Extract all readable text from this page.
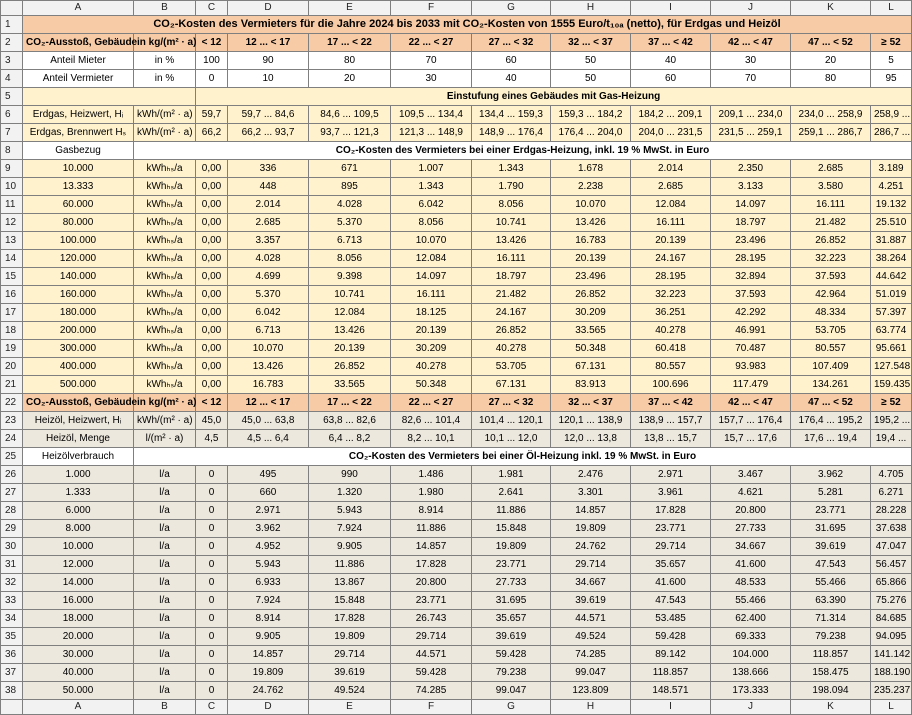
	A	B	C	D	E	F	G	H	I	J	K	L
1	CO₂-Kosten des Vermieters für die Jahre 2024 bis 2033 mit CO₂-Kosten von 1555 Euro/t₁₀ₐ (netto), für Erdgas und Heizöl											
2	CO₂-Ausstoß, Gebäude	in kg/(m² · a)	< 12	12 ... < 17	17 ... < 22	22 ... < 27	27 ... < 32	32 ... < 37	37 ... < 42	42 ... < 47	47 ... < 52	≥ 52
3	Anteil Mieter	in %	100	90	80	70	60	50	40	30	20	5
4	Anteil Vermieter	in %	0	10	20	30	40	50	60	70	80	95
5			Einstufung eines Gebäudes mit Gas-Heizung									
6	Erdgas, Heizwert, Hᵢ	kWh/(m² · a)	59,7	59,7 ... 84,6	84,6 ... 109,5	109,5 ... 134,4	134,4 ... 159,3	159,3 ... 184,2	184,2 ... 209,1	209,1 ... 234,0	234,0 ... 258,9	258,9 ...
7	Erdgas, Brennwert Hₛ	kWh/(m² · a)	66,2	66,2 ... 93,7	93,7 ... 121,3	121,3 ... 148,9	148,9 ... 176,4	176,4 ... 204,0	204,0 ... 231,5	231,5 ... 259,1	259,1 ... 286,7	286,7 ...
8	Gasbezug	CO₂-Kosten des Vermieters bei einer Erdgas-Heizung, inkl. 19 % MwSt. in Euro										
9	10.000	kWhₕₛ/a	0,00	336	671	1.007	1.343	1.678	2.014	2.350	2.685	3.189
10	13.333	kWhₕₛ/a	0,00	448	895	1.343	1.790	2.238	2.685	3.133	3.580	4.251
11	60.000	kWhₕₛ/a	0,00	2.014	4.028	6.042	8.056	10.070	12.084	14.097	16.111	19.132
12	80.000	kWhₕₛ/a	0,00	2.685	5.370	8.056	10.741	13.426	16.111	18.797	21.482	25.510
13	100.000	kWhₕₛ/a	0,00	3.357	6.713	10.070	13.426	16.783	20.139	23.496	26.852	31.887
14	120.000	kWhₕₛ/a	0,00	4.028	8.056	12.084	16.111	20.139	24.167	28.195	32.223	38.264
15	140.000	kWhₕₛ/a	0,00	4.699	9.398	14.097	18.797	23.496	28.195	32.894	37.593	44.642
16	160.000	kWhₕₛ/a	0,00	5.370	10.741	16.111	21.482	26.852	32.223	37.593	42.964	51.019
17	180.000	kWhₕₛ/a	0,00	6.042	12.084	18.125	24.167	30.209	36.251	42.292	48.334	57.397
18	200.000	kWhₕₛ/a	0,00	6.713	13.426	20.139	26.852	33.565	40.278	46.991	53.705	63.774
19	300.000	kWhₕₛ/a	0,00	10.070	20.139	30.209	40.278	50.348	60.418	70.487	80.557	95.661
20	400.000	kWhₕₛ/a	0,00	13.426	26.852	40.278	53.705	67.131	80.557	93.983	107.409	127.548
21	500.000	kWhₕₛ/a	0,00	16.783	33.565	50.348	67.131	83.913	100.696	117.479	134.261	159.435
22	CO₂-Ausstoß, Gebäude	in kg/(m² · a)	< 12	12 ... < 17	17 ... < 22	22 ... < 27	27 ... < 32	32 ... < 37	37 ... < 42	42 ... < 47	47 ... < 52	≥ 52
23	Heizöl, Heizwert, Hᵢ	kWh/(m² · a)	45,0	45,0 ... 63,8	63,8 ... 82,6	82,6 ... 101,4	101,4 ... 120,1	120,1 ... 138,9	138,9 ... 157,7	157,7 ... 176,4	176,4 ... 195,2	195,2 ...
24	Heizöl, Menge	l/(m² · a)	4,5	4,5 ... 6,4	6,4 ... 8,2	8,2 ... 10,1	10,1 ... 12,0	12,0 ... 13,8	13,8 ... 15,7	15,7 ... 17,6	17,6 ... 19,4	19,4 ...
25	Heizölverbrauch	CO₂-Kosten des Vermieters bei einer Öl-Heizung inkl. 19 % MwSt. in Euro										
26	1.000	l/a	0	495	990	1.486	1.981	2.476	2.971	3.467	3.962	4.705
27	1.333	l/a	0	660	1.320	1.980	2.641	3.301	3.961	4.621	5.281	6.271
28	6.000	l/a	0	2.971	5.943	8.914	11.886	14.857	17.828	20.800	23.771	28.228
29	8.000	l/a	0	3.962	7.924	11.886	15.848	19.809	23.771	27.733	31.695	37.638
30	10.000	l/a	0	4.952	9.905	14.857	19.809	24.762	29.714	34.667	39.619	47.047
31	12.000	l/a	0	5.943	11.886	17.828	23.771	29.714	35.657	41.600	47.543	56.457
32	14.000	l/a	0	6.933	13.867	20.800	27.733	34.667	41.600	48.533	55.466	65.866
33	16.000	l/a	0	7.924	15.848	23.771	31.695	39.619	47.543	55.466	63.390	75.276
34	18.000	l/a	0	8.914	17.828	26.743	35.657	44.571	53.485	62.400	71.314	84.685
35	20.000	l/a	0	9.905	19.809	29.714	39.619	49.524	59.428	69.333	79.238	94.095
36	30.000	l/a	0	14.857	29.714	44.571	59.428	74.285	89.142	104.000	118.857	141.142
37	40.000	l/a	0	19.809	39.619	59.428	79.238	99.047	118.857	138.666	158.475	188.190
38	50.000	l/a	0	24.762	49.524	74.285	99.047	123.809	148.571	173.333	198.094	235.237
	A	B	C	D	E	F	G	H	I	J	K	L
